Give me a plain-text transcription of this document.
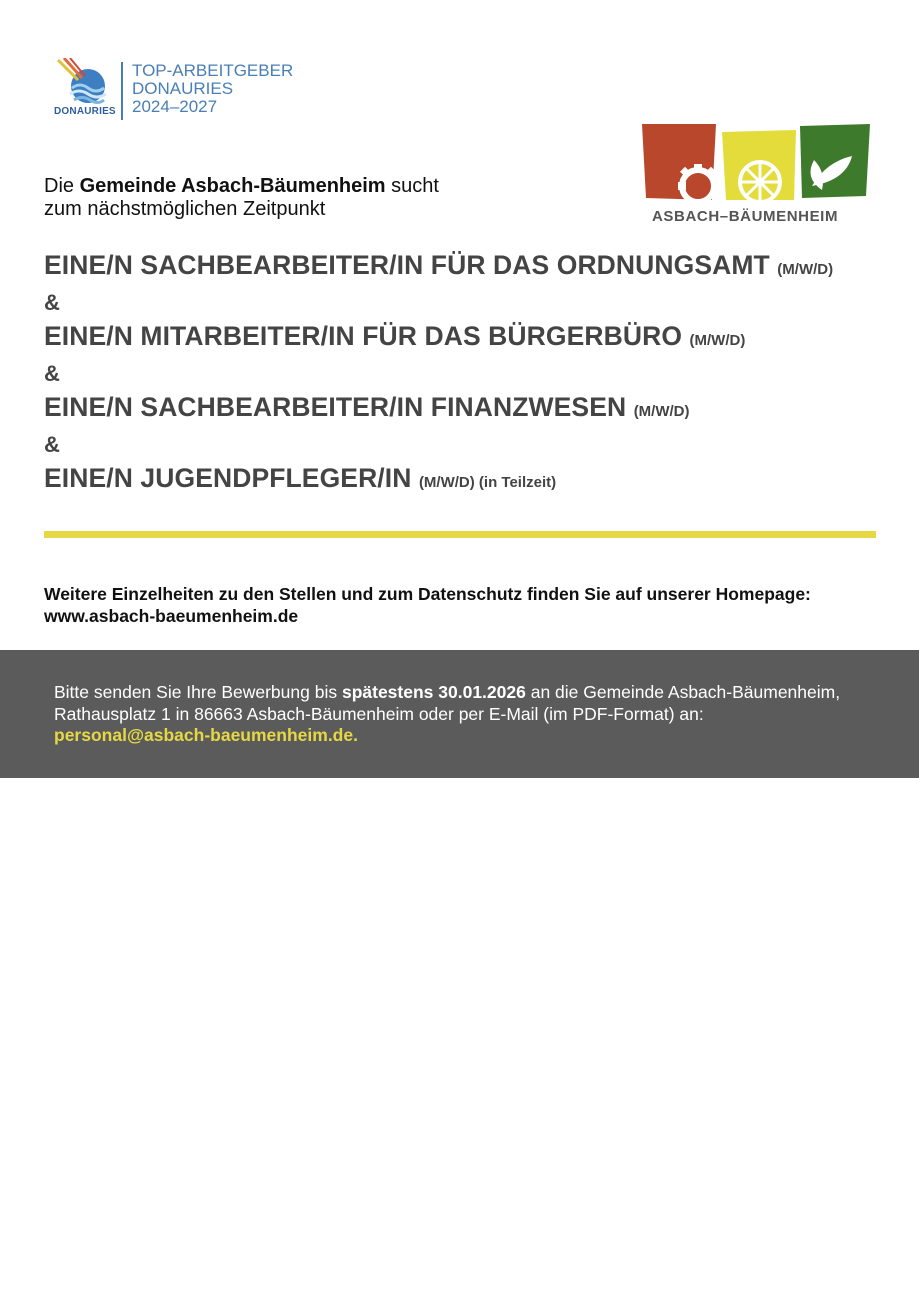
DONAURIES
TOP-ARBEITGEBER
DONAURIES
2024–2027
ASBACH–BÄUMENHEIM
Die Gemeinde Asbach-Bäumenheim sucht
zum nächstmöglichen Zeitpunkt
EINE/N SACHBEARBEITER/IN FÜR DAS ORDNUNGSAMT (M/W/D)
&
EINE/N MITARBEITER/IN FÜR DAS BÜRGERBÜRO (M/W/D)
&
EINE/N SACHBEARBEITER/IN FINANZWESEN (M/W/D)
&
EINE/N JUGENDPFLEGER/IN (M/W/D) (in Teilzeit)
Weitere Einzelheiten zu den Stellen und zum Datenschutz finden Sie auf unserer Homepage:
www.asbach-baeumenheim.de
Bitte senden Sie Ihre Bewerbung bis spätestens 30.01.2026 an die Gemeinde Asbach-Bäumenheim, Rathausplatz 1 in 86663 Asbach-Bäumenheim oder per E-Mail (im PDF-Format) an:
personal@asbach-baeumenheim.de.
